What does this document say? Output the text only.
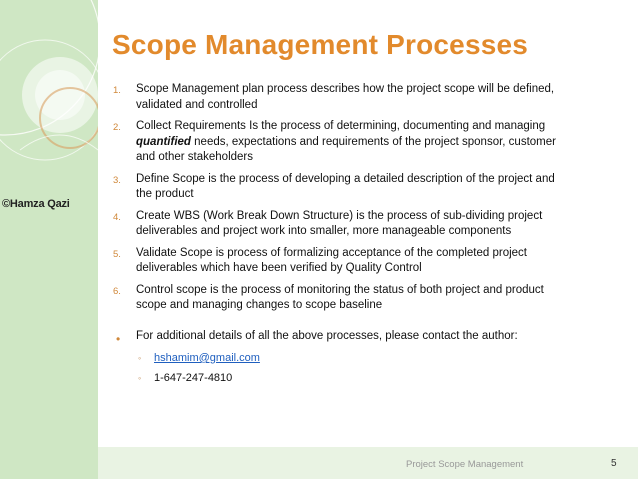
©Hamza Qazi
Scope Management Processes
1. Scope Management plan process describes how the project scope will be defined,
validated and controlled
2. Collect Requirements Is the process of determining, documenting and managing
quantified needs, expectations and requirements of the project sponsor, customer
and other stakeholders
3. Define Scope is the process of developing a detailed description of the project and
the product
4. Create WBS (Work Break Down Structure) is the process of sub-dividing project
deliverables and project work into smaller, more manageable components
5. Validate Scope is process of formalizing acceptance of the completed project
deliverables which have been verified by Quality Control
6. Control scope is the process of monitoring the status of both project and product
scope and managing changes to scope baseline
• For additional details of all the above processes, please contact the author:
◦ hshamim@gmail.com
◦ 1-647-247-4810
Project Scope Management	5
